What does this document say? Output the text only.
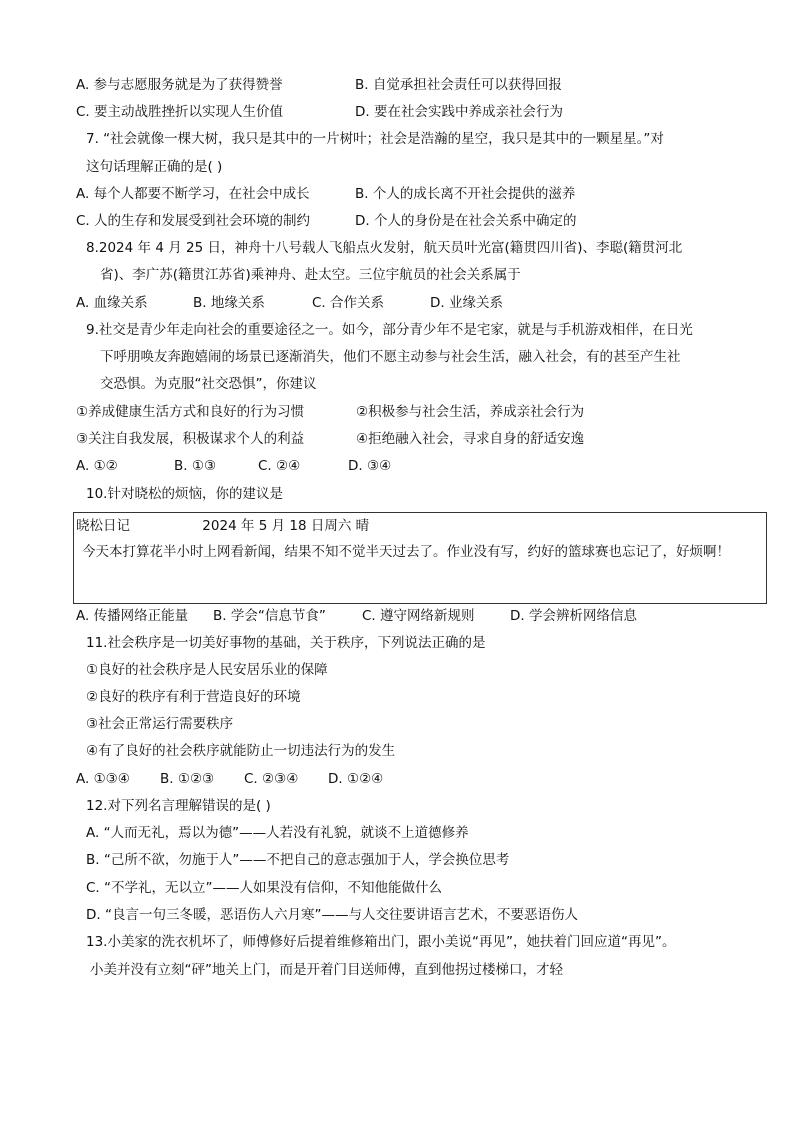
A. 参与志愿服务就是为了获得赞誉	B. 自觉承担社会责任可以获得回报
C. 要主动战胜挫折以实现人生价值	D. 要在社会实践中养成亲社会行为
7. “社会就像一棵大树，我只是其中的一片树叶；社会是浩瀚的星空，我只是其中的一颗星星。”对
这句话理解正确的是( )
A. 每个人都要不断学习，在社会中成长	B. 个人的成长离不开社会提供的滋养
C. 人的生存和发展受到社会环境的制约	D. 个人的身份是在社会关系中确定的
8.2024 年 4 月 25 日，神舟十八号载人飞船点火发射，航天员叶光富(籍贯四川省)、李聪(籍贯河北
省)、李广苏(籍贯江苏省)乘神舟、赴太空。三位宇航员的社会关系属于
A. 血缘关系	B. 地缘关系	C. 合作关系	D. 业缘关系
9.社交是青少年走向社会的重要途径之一。如今，部分青少年不是宅家，就是与手机游戏相伴，在日光
下呼朋唤友奔跑嬉闹的场景已逐渐消失，他们不愿主动参与社会生活，融入社会，有的甚至产生社
交恐惧。为克服“社交恐惧”，你建议
①养成健康生活方式和良好的行为习惯	②积极参与社会生活，养成亲社会行为
③关注自我发展，积极谋求个人的利益	④拒绝融入社会，寻求自身的舒适安逸
A. ①②	B. ①③	C. ②④	D. ③④
10.针对晓松的烦恼，你的建议是
晓松日记	2024 年 5 月 18 日周六 晴
今天本打算花半小时上网看新闻，结果不知不觉半天过去了。作业没有写，约好的篮球赛也忘记了，好烦啊！
A. 传播网络正能量 B. 学会“信息节食”	C. 遵守网络新规则	D. 学会辨析网络信息
11.社会秩序是一切美好事物的基础，关于秩序，下列说法正确的是
①良好的社会秩序是人民安居乐业的保障
②良好的秩序有利于营造良好的环境
③社会正常运行需要秩序
④有了良好的社会秩序就能防止一切违法行为的发生
A. ①③④ B. ①②③ C. ②③④ D. ①②④
12.对下列名言理解错误的是( )
A. “人而无礼，焉以为德”——人若没有礼貌，就谈不上道德修养
B. “己所不欲，勿施于人”——不把自己的意志强加于人，学会换位思考
C. “不学礼，无以立”——人如果没有信仰，不知他能做什么
D. “良言一句三冬暖，恶语伤人六月寒”——与人交往要讲语言艺术，不要恶语伤人
13.小美家的洗衣机坏了，师傅修好后提着维修箱出门，跟小美说“再见”，她扶着门回应道“再见”。
小美并没有立刻“砰”地关上门，而是开着门目送师傅，直到他拐过楼梯口，才轻
